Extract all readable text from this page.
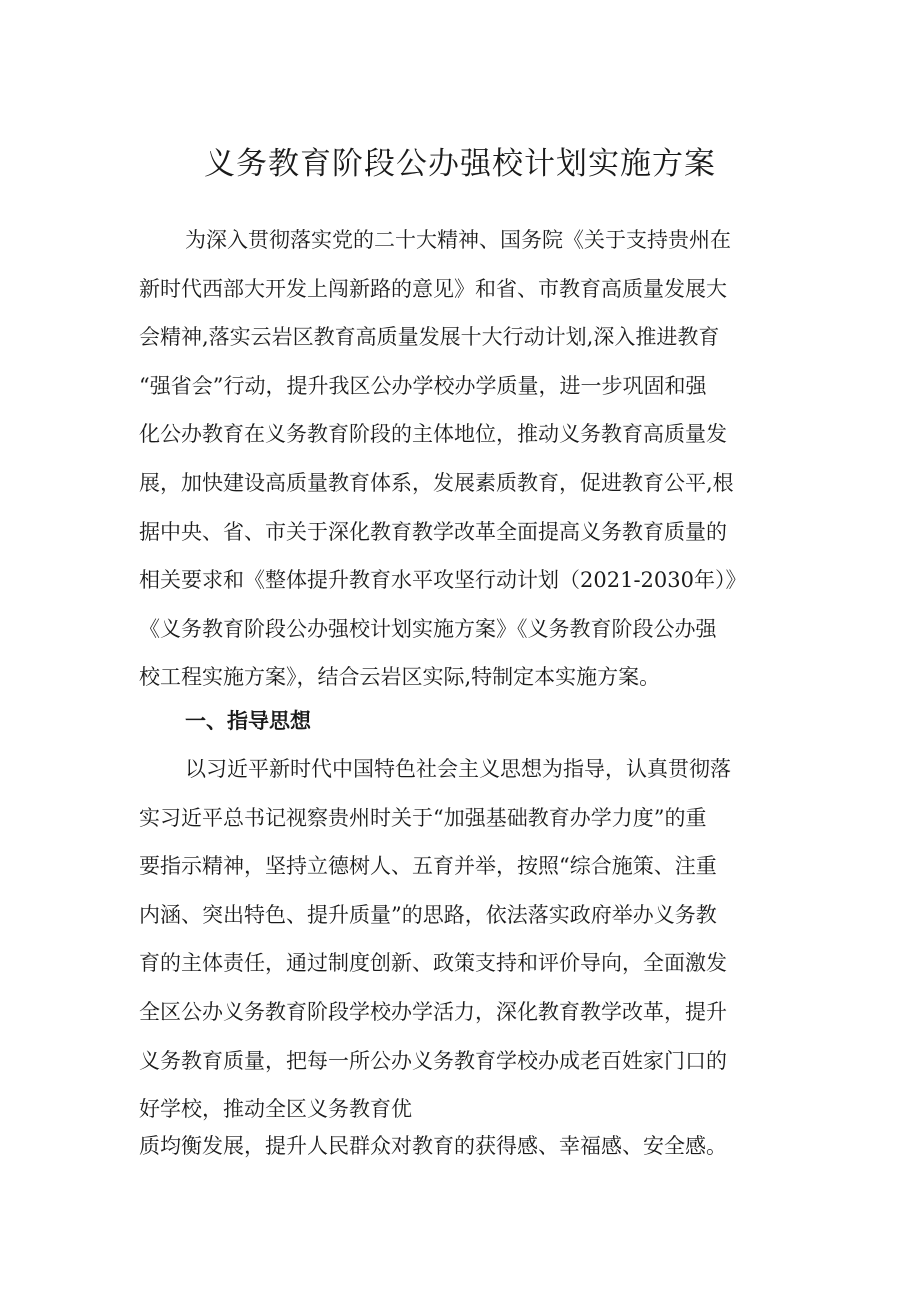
义务教育阶段公办强校计划实施方案
为深入贯彻落实党的二十大精神、国务院《关于支持贵州在
新时代西部大开发上闯新路的意见》和省、市教育高质量发展大
会精神,落实云岩区教育高质量发展十大行动计划,深入推进教育
“强省会”行动，提升我区公办学校办学质量，进一步巩固和强
化公办教育在义务教育阶段的主体地位，推动义务教育高质量发
展，加快建设高质量教育体系，发展素质教育，促进教育公平,根
据中央、省、市关于深化教育教学改革全面提高义务教育质量的
相关要求和《整体提升教育水平攻坚行动计划（2021-2030年）》
《义务教育阶段公办强校计划实施方案》《义务教育阶段公办强
校工程实施方案》，结合云岩区实际,特制定本实施方案。
一、指导思想
以习近平新时代中国特色社会主义思想为指导，认真贯彻落
实习近平总书记视察贵州时关于“加强基础教育办学力度”的重
要指示精神，坚持立德树人、五育并举，按照“综合施策、注重
内涵、突出特色、提升质量”的思路，依法落实政府举办义务教
育的主体责任，通过制度创新、政策支持和评价导向，全面激发
全区公办义务教育阶段学校办学活力，深化教育教学改革，提升
义务教育质量，把每一所公办义务教育学校办成老百姓家门口的
好学校，推动全区义务教育优

质均衡发展，提升人民群众对教育的获得感、幸福感、安全感。
